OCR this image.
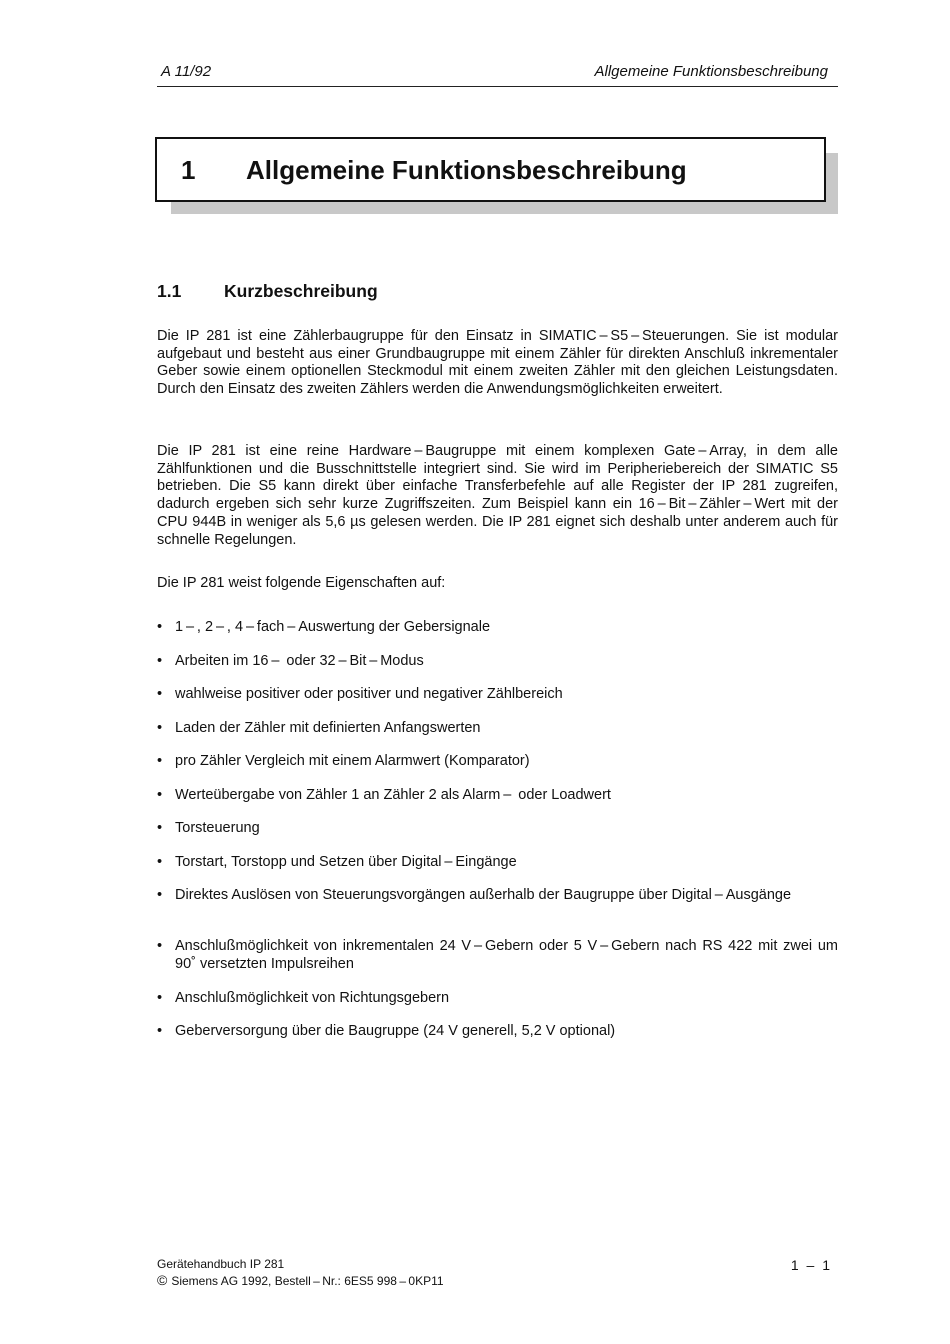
A 11/92	Allgemeine Funktionsbeschreibung
1 Allgemeine Funktionsbeschreibung
1.1 Kurzbeschreibung

Die IP 281 ist eine Zählerbaugruppe für den Einsatz in SIMATIC – S5 – Steuerungen. Sie ist modular aufgebaut und besteht aus einer Grundbaugruppe mit einem Zähler für direkten Anschluß inkrementaler Geber sowie einem optionellen Steckmodul mit einem zweiten Zähler mit den gleichen Leistungsdaten. Durch den Einsatz des zweiten Zählers werden die Anwendungsmöglichkeiten erweitert.

Die IP 281 ist eine reine Hardware – Baugruppe mit einem komplexen Gate – Array, in dem alle Zählfunktionen und die Busschnittstelle integriert sind. Sie wird im Peripheriebereich der SIMATIC S5 betrieben. Die S5 kann direkt über einfache Transferbefehle auf alle Register der IP 281 zugreifen, dadurch ergeben sich sehr kurze Zugriffszeiten. Zum Beispiel kann ein 16 – Bit – Zähler – Wert mit der CPU 944B in weniger als 5,6 µs gelesen werden. Die IP 281 eignet sich deshalb unter anderem auch für schnelle Regelungen.

Die IP 281 weist folgende Eigenschaften auf:

• 1 – , 2 – , 4 – fach – Auswertung der Gebersignale
• Arbeiten im 16 –  oder 32 – Bit – Modus
• wahlweise positiver oder positiver und negativer Zählbereich
• Laden der Zähler mit definierten Anfangswerten
• pro Zähler Vergleich mit einem Alarmwert (Komparator)
• Werteübergabe von Zähler 1 an Zähler 2 als Alarm –  oder Loadwert
• Torsteuerung
• Torstart, Torstopp und Setzen über Digital – Eingänge
• Direktes Auslösen von Steuerungsvorgängen außerhalb der Baugruppe über Digital – Ausgänge
• Anschlußmöglichkeit von inkrementalen 24 V – Gebern oder 5 V – Gebern nach RS 422 mit zwei um 90˚ versetzten Impulsreihen
• Anschlußmöglichkeit von Richtungsgebern
• Geberversorgung über die Baugruppe (24 V generell, 5,2 V optional)
Gerätehandbuch IP 281
© Siemens AG 1992, Bestell – Nr.: 6ES5 998 – 0KP11
1 – 1
